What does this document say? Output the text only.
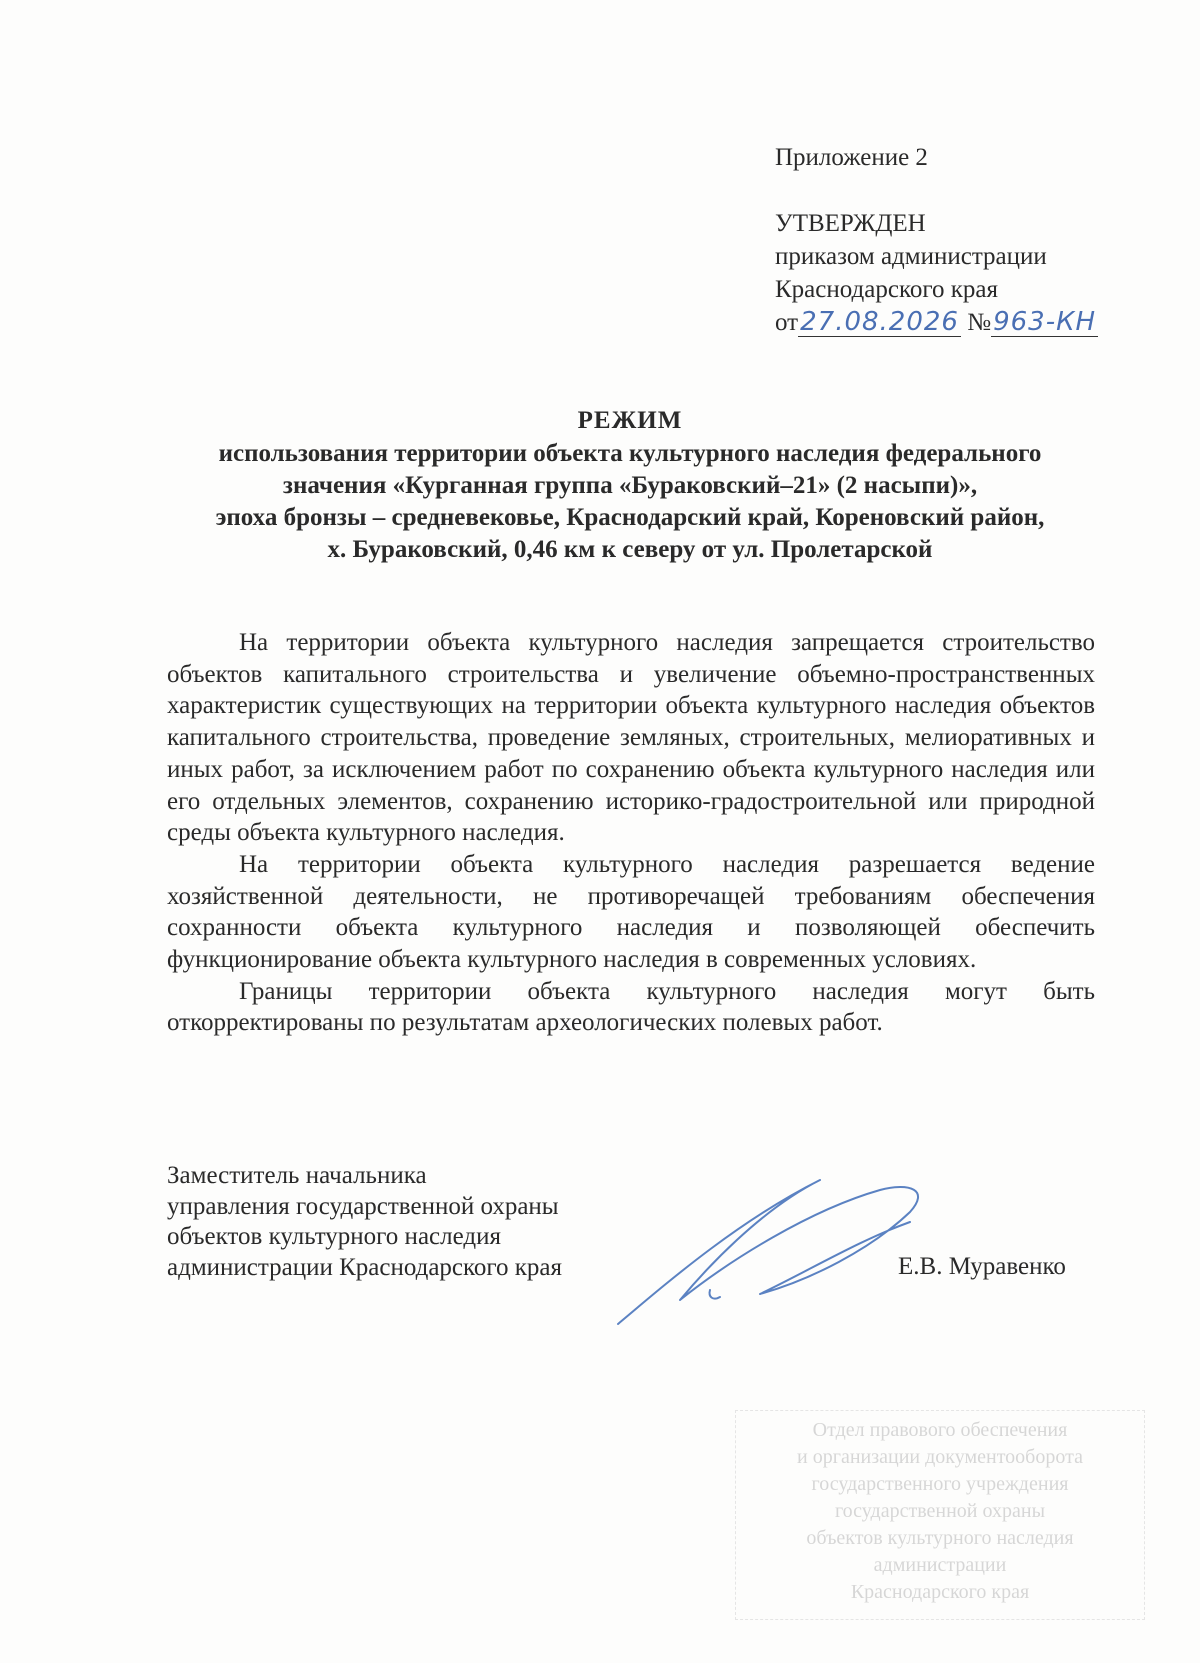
Приложение 2
УТВЕРЖДЕН
приказом администрации
Краснодарского края
от27.08.2026 №963-КН
РЕЖИМ
использования территории объекта культурного наследия федерального
значения «Курганная группа «Бураковский–21» (2 насыпи)»,
эпоха бронзы – средневековье, Краснодарский край, Кореновский район,
х. Бураковский, 0,46 км к северу от ул. Пролетарской

На территории объекта культурного наследия запрещается строительство объектов капитального строительства и увеличение объемно-пространственных характеристик существующих на территории объекта культурного наследия объектов капитального строительства, проведение земляных, строительных, мелиоративных и иных работ, за исключением работ по сохранению объекта культурного наследия или его отдельных элементов, сохранению историко-градостроительной или природной среды объекта культурного наследия.

На территории объекта культурного наследия разрешается ведение хозяйственной деятельности, не противоречащей требованиям обеспечения сохранности объекта культурного наследия и позволяющей обеспечить функционирование объекта культурного наследия в современных условиях.

Границы территории объекта культурного наследия могут быть откорректированы по результатам археологических полевых работ.

Заместитель начальника
управления государственной охраны
объектов культурного наследия
администрации Краснодарского края	Е.В. Муравенко
Отдел правового обеспечения
и организации документооборота
государственного учреждения
государственной охраны
объектов культурного наследия
администрации
Краснодарского края
